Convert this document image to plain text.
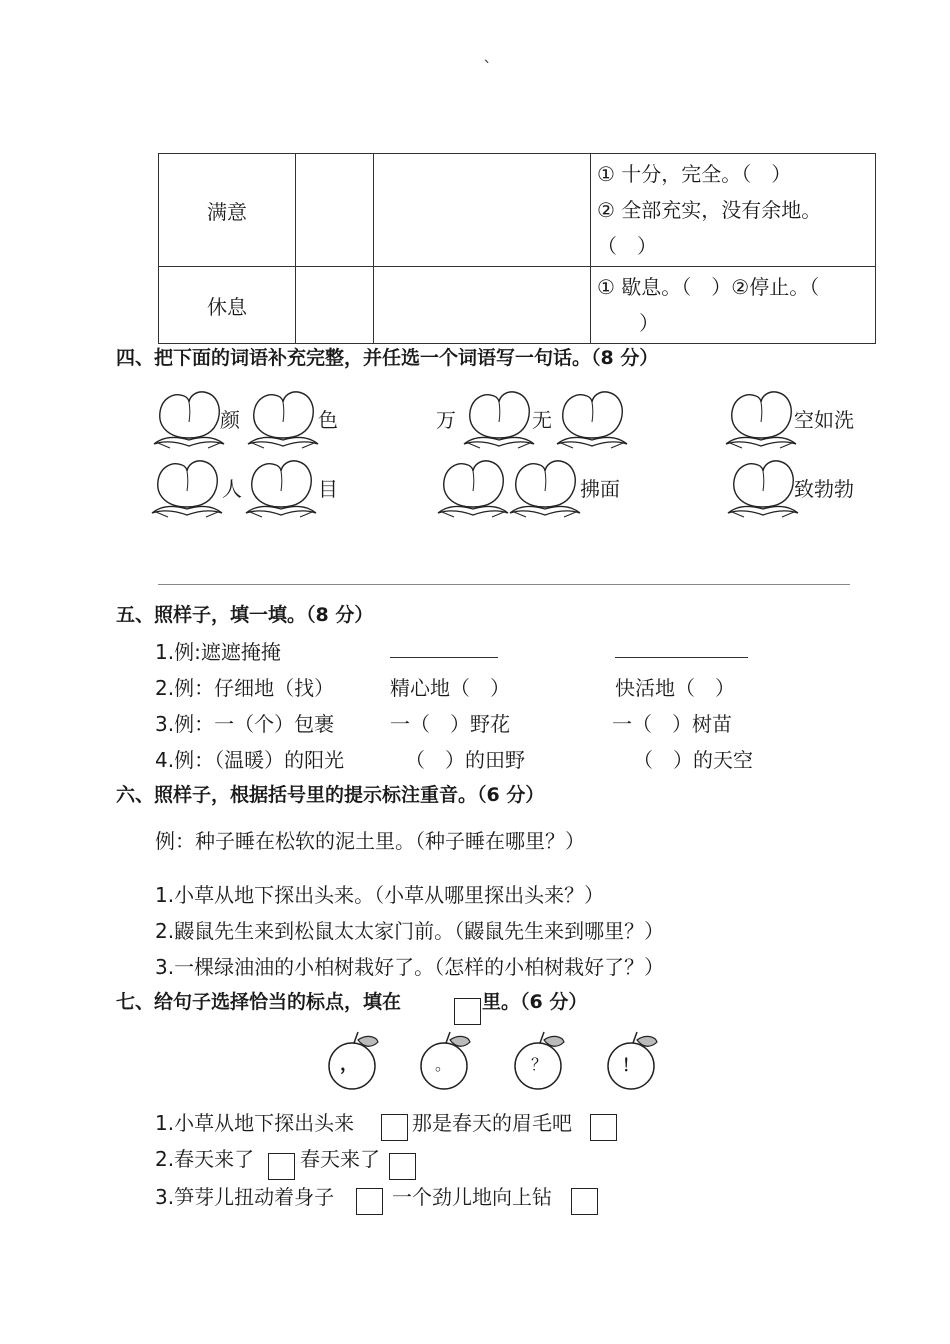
`
满意			① 十分，完全。（　）
② 全部充实，没有余地。
（　）

休息			① 歇息。（　）②停止。（
　）
四、把下面的词语补充完整，并任选一个词语写一句话。（8 分）
颜	色	万	无	空如洗
人	目	拂面	致勃勃
五、照样子，填一填。（8 分）
1.例:遮遮掩掩
2.例：仔细地（找）	精心地（　）	快活地（　）
3.例：一（个）包裹	一（　）野花	一（　）树苗
4.例：（温暖）的阳光	（　）的田野	（　）的天空
六、照样子，根据括号里的提示标注重音。（6 分）
例：种子睡在松软的泥土里。（种子睡在哪里？）
1.小草从地下探出头来。（小草从哪里探出头来？）
2.鼹鼠先生来到松鼠太太家门前。（鼹鼠先生来到哪里？）
3.一棵绿油油的小柏树栽好了。（怎样的小柏树栽好了？）
七、给句子选择恰当的标点，填在	里。（6 分）
，	。	？	！
1.小草从地下探出头来	那是春天的眉毛吧
2.春天来了 春天来了
3.笋芽儿扭动着身子	一个劲儿地向上钻
